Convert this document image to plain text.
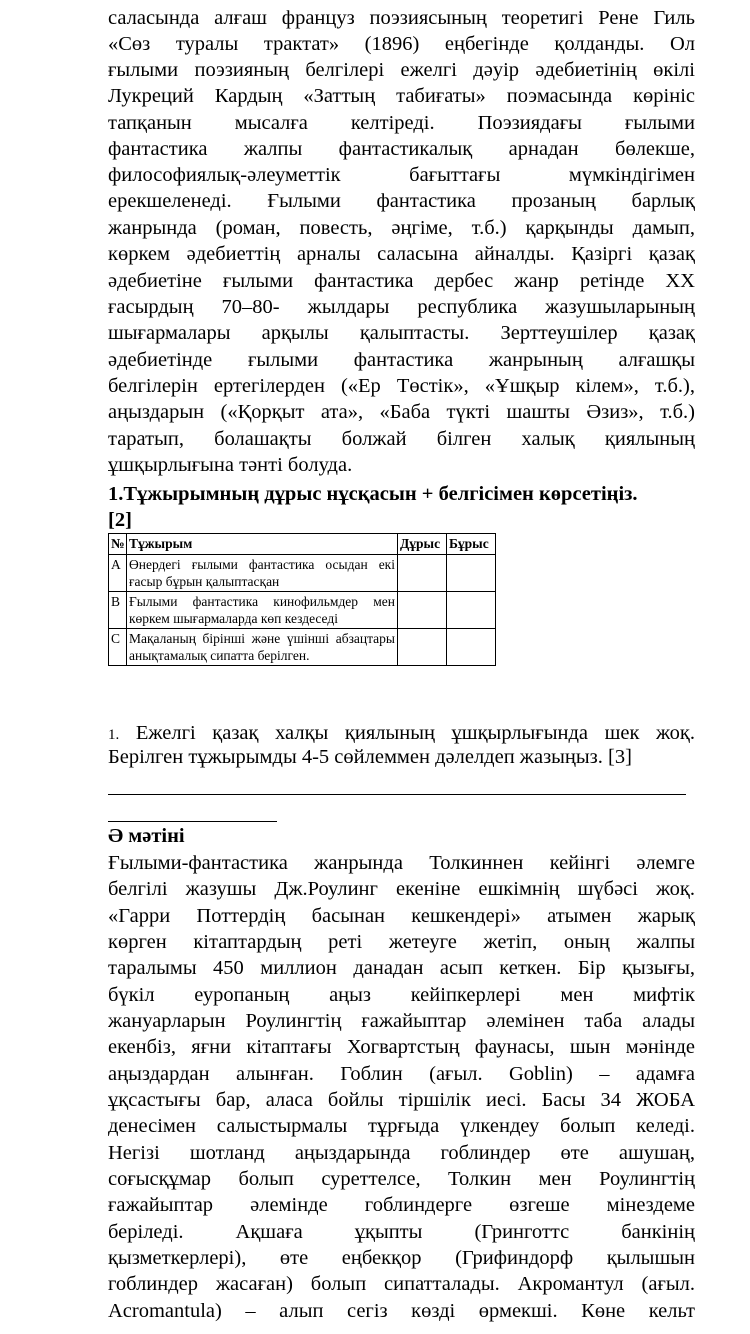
саласында алғаш француз поэзиясының теоретигі Рене Гиль
«Сөз туралы трактат» (1896) еңбегінде қолданды. Ол
ғылыми поэзияның белгілері ежелгі дәуір әдебиетінің өкілі
Лукреций Кардың «Заттың табиғаты» поэмасында көрініс
тапқанын мысалға келтіреді. Поэзиядағы ғылыми
фантастика жалпы фантастикалық арнадан бөлекше,
философиялық-әлеуметтік бағыттағы мүмкіндігімен
ерекшеленеді. Ғылыми фантастика прозаның барлық
жанрында (роман, повесть, әңгіме, т.б.) қарқынды дамып,
көркем әдебиеттің арналы саласына айналды. Қазіргі қазақ
әдебиетіне ғылыми фантастика дербес жанр ретінде XX
ғасырдың 70–80- жылдары республика жазушыларының
шығармалары арқылы қалыптасты. Зерттеушілер қазақ
әдебиетінде ғылыми фантастика жанрының алғашқы
белгілерін ертегілерден («Ер Төстік», «Ұшқыр кілем», т.б.),
аңыздарын («Қорқыт ата», «Баба түкті шашты Әзиз», т.б.)
таратып, болашақты болжай білген халық қиялының
ұшқырлығына тәнті болуда.
1.Тұжырымның дұрыс нұсқасын + белгісімен көрсетіңіз.
[2]
№	Тұжырым	Дұрыс	Бұрыс
A	Өнердегі ғылыми фантастика осыдан екі ғасыр бұрын қалыптасқан		
B	Ғылыми фантастика кинофильмдер мен көркем шығармаларда көп кездеседі		
C	Мақаланың бірінші және үшінші абзацтары анықтамалық сипатта берілген.		
1. Ежелгі қазақ халқы қиялының ұшқырлығында шек жоқ.
Берілген тұжырымды 4-5 сөйлеммен дәлелдеп жазыңыз. [3]
Ә мәтіні
Ғылыми-фантастика жанрында Толкиннен кейінгі әлемге
белгілі жазушы Дж.Роулинг екеніне ешкімнің шүбәсі жоқ.
«Гарри Поттердің басынан кешкендері» атымен жарық
көрген кітаптардың реті жетеуге жетіп, оның жалпы
таралымы 450 миллион данадан асып кеткен. Бір қызығы,
бүкіл еуропаның аңыз кейіпкерлері мен мифтік
жануарларын Роулингтің ғажайыптар әлемінен таба алады
екенбіз, яғни кітаптағы Хогвартстың фаунасы, шын мәнінде
аңыздардан алынған. Гоблин (ағыл. Goblin) – адамға
ұқсастығы бар, аласа бойлы тіршілік иесі. Басы 34 ЖОБА
денесімен салыстырмалы тұрғыда үлкендеу болып келеді.
Негізі шотланд аңыздарында гоблиндер өте ашушаң,
соғысқұмар болып суреттелсе, Толкин мен Роулингтің
ғажайыптар әлемінде гоблиндерге өзгеше мінездеме
беріледі. Ақшаға ұқыпты (Гринготтс банкінің
қызметкерлері), өте еңбекқор (Грифиндорф қылышын
гоблиндер жасаған) болып сипатталады. Акромантул (ағыл.
Acromantula) – алып сегіз көзді өрмекші. Көне кельт
